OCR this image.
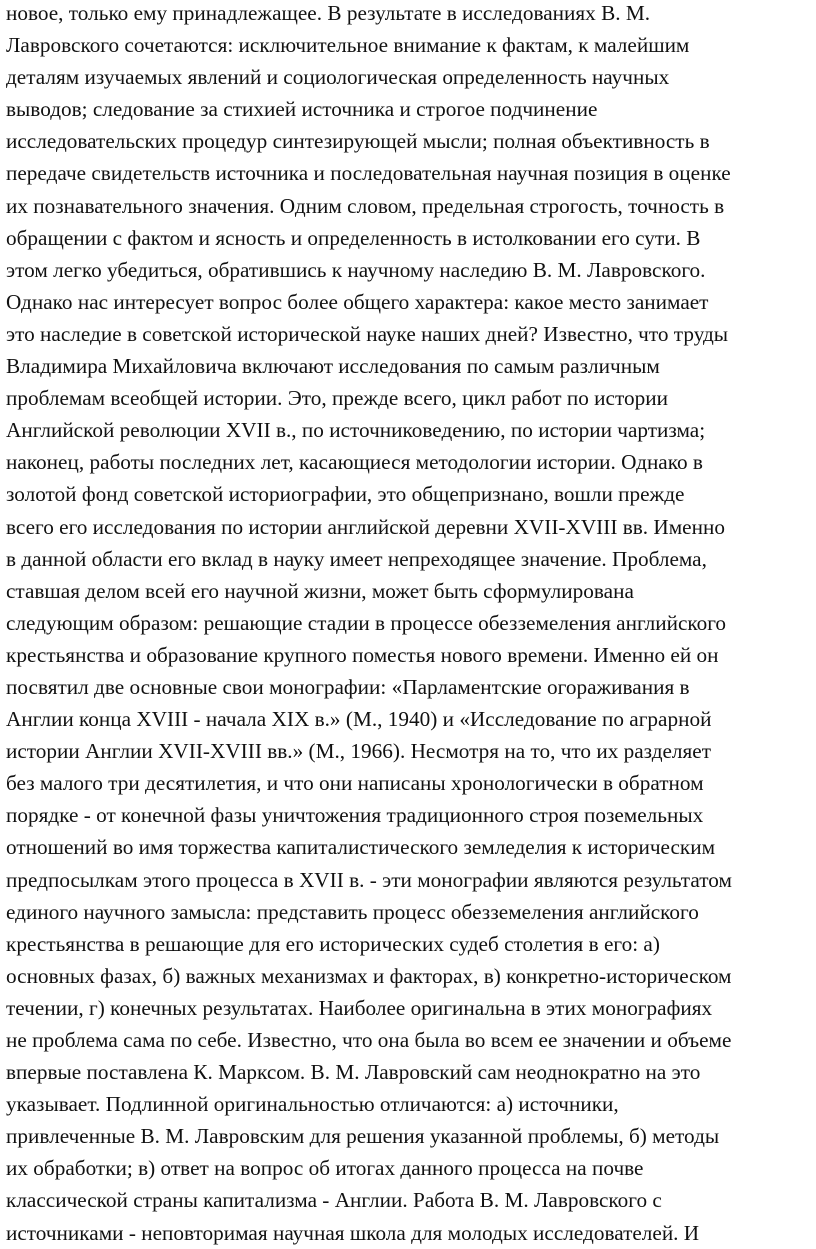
новое, только ему принадлежащее. В результате в исследованиях В. М.
Лавровского сочетаются: исключительное внимание к фактам, к малейшим
деталям изучаемых явлений и социологическая определенность научных
выводов; следование за стихией источника и строгое подчинение
исследовательских процедур синтезирующей мысли; полная объективность в
передаче свидетельств источника и последовательная научная позиция в оценке
их познавательного значения. Одним словом, предельная строгость, точность в
обращении с фактом и ясность и определенность в истолковании его сути. В
этом легко убедиться, обратившись к научному наследию В. М. Лавровского.
Однако нас интересует вопрос более общего характера: какое место занимает
это наследие в советской исторической науке наших дней? Известно, что труды
Владимира Михайловича включают исследования по самым различным
проблемам всеобщей истории. Это, прежде всего, цикл работ по истории
Английской революции XVII в., по источниковедению, по истории чартизма;
наконец, работы последних лет, касающиеся методологии истории. Однако в
золотой фонд советской историографии, это общепризнано, вошли прежде
всего его исследования по истории английской деревни XVII-XVIII вв. Именно
в данной области его вклад в науку имеет непреходящее значение. Проблема,
ставшая делом всей его научной жизни, может быть сформулирована
следующим образом: решающие стадии в процессе обезземеления английского
крестьянства и образование крупного поместья нового времени. Именно ей он
посвятил две основные свои монографии: «Парламентские огораживания в
Англии конца XVIII - начала XIX в.» (М., 1940) и «Исследование по аграрной
истории Англии XVII-XVIII вв.» (М., 1966). Несмотря на то, что их разделяет
без малого три десятилетия, и что они написаны хронологически в обратном
порядке - от конечной фазы уничтожения традиционного строя поземельных
отношений во имя торжества капиталистического земледелия к историческим
предпосылкам этого процесса в XVII в. - эти монографии являются результатом
единого научного замысла: представить процесс обезземеления английского
крестьянства в решающие для его исторических судеб столетия в его: а)
основных фазах, б) важных механизмах и факторах, в) конкретно-историческом
течении, г) конечных результатах. Наиболее оригинальна в этих монографиях
не проблема сама по себе. Известно, что она была во всем ее значении и объеме
впервые поставлена К. Марксом. В. М. Лавровский сам неоднократно на это
указывает. Подлинной оригинальностью отличаются: а) источники,
привлеченные В. М. Лавровским для решения указанной проблемы, б) методы
их обработки; в) ответ на вопрос об итогах данного процесса на почве
классической страны капитализма - Англии. Работа В. М. Лавровского с
источниками - неповторимая научная школа для молодых исследователей. И
